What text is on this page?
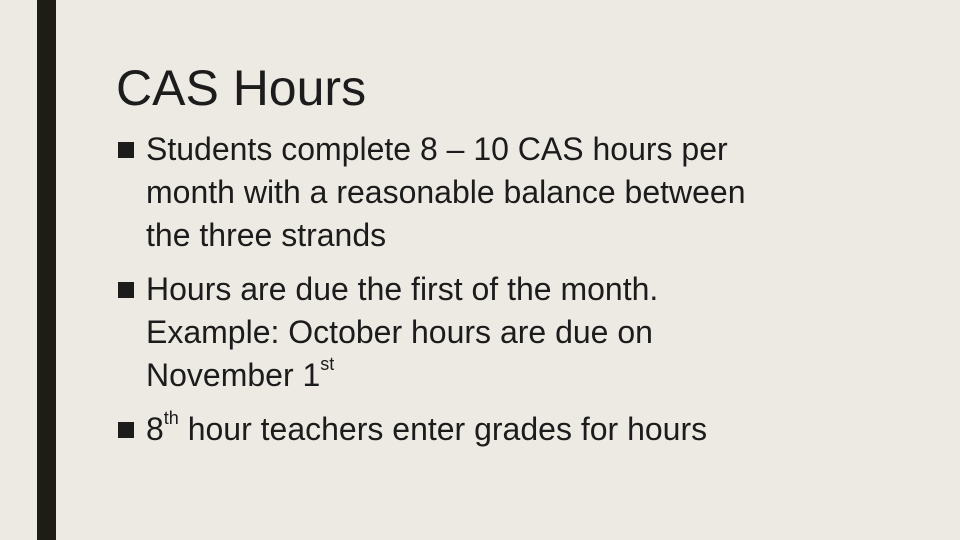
CAS Hours
Students complete 8 – 10 CAS hours per
month with a reasonable balance between
the three strands
Hours are due the first of the month.
Example: October hours are due on
November 1st
8th hour teachers enter grades for hours
